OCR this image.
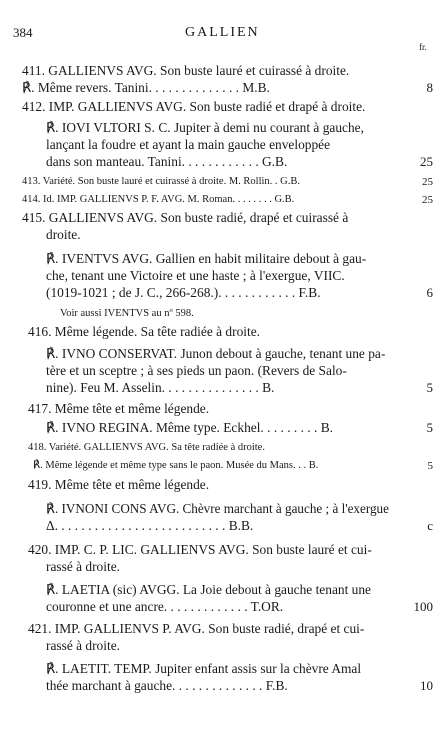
384	GALLIEN
fr.
411. GALLIENVS AVG. Son buste lauré et cuirassé à droite.
℟. Même revers. Tanini. . . . . . . . . . . . . . M.B.	8
412. IMP. GALLIENVS AVG. Son buste radié et drapé à droite.
℟. IOVI VLTORI S. C. Jupiter à demi nu courant à gauche,
lançant la foudre et ayant la main gauche enveloppée
dans son manteau. Tanini. . . . . . . . . . . . G.B.	25
413. Variété. Son buste lauré et cuirassé à droite. M. Rollin. . G.B.	25
414. Id. IMP. GALLIENVS P. F. AVG. M. Roman. . . . . . . . G.B.	25
415. GALLIENVS AVG. Son buste radié, drapé et cuirassé à
droite.
℟. IVENTVS AVG. Gallien en habit militaire debout à gau-
che, tenant une Victoire et une haste ; à l'exergue, VIIC.
(1019-1021 ; de J. C., 266-268.). . . . . . . . . . . . F.B.	6
Voir aussi IVENTVS au nº 598.
416. Même légende. Sa tête radiée à droite.
℟. IVNO CONSERVAT. Junon debout à gauche, tenant une pa-
tère et un sceptre ; à ses pieds un paon. (Revers de Salo-
nine). Feu M. Asselin. . . . . . . . . . . . . . . B.	5
417. Même tête et même légende.
℟. IVNO REGINA. Même type. Eckhel. . . . . . . . . B.	5
418. Variété. GALLIENVS AVG. Sa tête radiée à droite.
℟. Même légende et même type sans le paon. Musée du Mans. . . B.	5
419. Même tête et même légende.
℟. IVNONI CONS AVG. Chèvre marchant à gauche ; à l'exergue
Δ. . . . . . . . . . . . . . . . . . . . . . . . . . B.B.	c
420. IMP. C. P. LIC. GALLIENVS AVG. Son buste lauré et cui-
rassé à droite.
℟. LAETIA (sic) AVGG. La Joie debout à gauche tenant une
couronne et une ancre. . . . . . . . . . . . . T.OR.	100
421. IMP. GALLIENVS P. AVG. Son buste radié, drapé et cui-
rassé à droite.
℟. LAETIT. TEMP. Jupiter enfant assis sur la chèvre Amal
thée marchant à gauche. . . . . . . . . . . . . . F.B.	10
